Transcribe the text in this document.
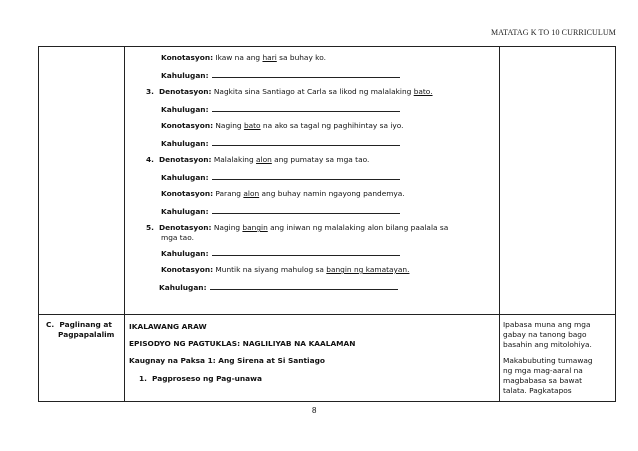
MATATAG K TO 10 CURRICULUM
Konotasyon: Ikaw na ang hari sa buhay ko.
Kahulugan:
3. Denotasyon: Nagkita sina Santiago at Carla sa likod ng malalaking bato.
Kahulugan:
Konotasyon: Naging bato na ako sa tagal ng paghihintay sa iyo.
Kahulugan:
4. Denotasyon: Malalaking alon ang pumatay sa mga tao.
Kahulugan:
Konotasyon: Parang alon ang buhay namin ngayong pandemya.
Kahulugan:
5. Denotasyon: Naging bangin ang iniwan ng malalaking alon bilang paalala sa
mga tao.
Kahulugan:
Konotasyon: Muntik na siyang mahulog sa bangin ng kamatayan.
Kahulugan:
C. Paglinang at
Pagpapalalim
IKALAWANG ARAW
EPISODYO NG PAGTUKLAS: NAGLILIYAB NA KAALAMAN
Kaugnay na Paksa 1: Ang Sirena at Si Santiago
1. Pagproseso ng Pag-unawa
Ipabasa muna ang mga
gabay na tanong bago
basahin ang mitolohiya.
Makabubuting tumawag
ng mga mag-aaral na
magbabasa sa bawat
talata. Pagkatapos
8
